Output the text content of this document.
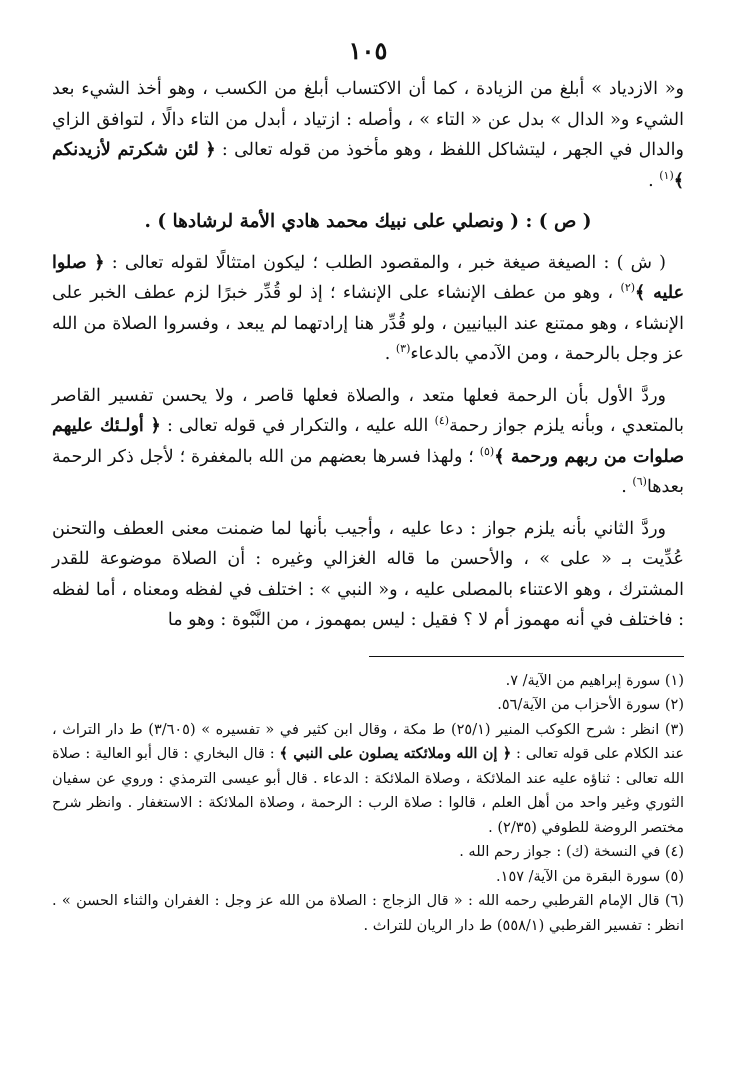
١٠٥

و« الازدياد » أبلغ من الزيادة ، كما أن الاكتساب أبلغ من الكسب ، وهو أخذ الشيء بعد الشيء و« الدال » بدل عن « التاء » ، وأصله : ازتياد ، أبدل من التاء دالًا ، لتوافق الزاي والدال في الجهر ، ليتشاكل اللفظ ، وهو مأخوذ من قوله تعالى : ﴿ لئن شكرتم لأزيدنكم ﴾$^{(١)}$ .

( ص ) : ( ونصلي على نبيك محمد هادي الأمة لرشادها ) .

( ش ) : الصيغة صيغة خبر ، والمقصود الطلب ؛ ليكون امتثالًا لقوله تعالى : ﴿ صلوا عليه ﴾$^{(٢)}$ ، وهو من عطف الإنشاء على الإنشاء ؛ إذ لو قُدِّر خبرًا لزم عطف الخبر على الإنشاء ، وهو ممتنع عند البيانيين ، ولو قُدِّر هنا إرادتهما لم يبعد ، وفسروا الصلاة من الله عز وجل بالرحمة ، ومن الآدمي بالدعاء$^{(٣)}$ .

وردَّ الأول بأن الرحمة فعلها متعد ، والصلاة فعلها قاصر ، ولا يحسن تفسير القاصر بالمتعدي ، وبأنه يلزم جواز رحمة$^{(٤)}$ الله عليه ، والتكرار في قوله تعالى : ﴿ أولـئك عليهم صلوات من ربهم ورحمة ﴾$^{(٥)}$ ؛ ولهذا فسرها بعضهم من الله بالمغفرة ؛ لأجل ذكر الرحمة بعدها$^{(٦)}$ .

وردَّ الثاني بأنه يلزم جواز : دعا عليه ، وأجيب بأنها لما ضمنت معنى العطف والتحنن عُدِّيت بـ « على » ، والأحسن ما قاله الغزالي وغيره : أن الصلاة موضوعة للقدر المشترك ، وهو الاعتناء بالمصلى عليه ، و« النبي » : اختلف في لفظه ومعناه ، أما لفظه : فاختلف في أنه مهموز أم لا ؟ فقيل : ليس بمهموز ، من النَّبْوة : وهو ما

(١) سورة إبراهيم من الآية/ ٧.

(٢) سورة الأحزاب من الآية/٥٦.

(٣) انظر : شرح الكوكب المنير (٢٥/١) ط مكة ، وقال ابن كثير في « تفسيره » (٣/٦٠٥) ط دار التراث ، عند الكلام على قوله تعالى : ﴿ إن الله وملائكته يصلون على النبي ﴾ : قال البخاري : قال أبو العالية : صلاة الله تعالى : ثناؤه عليه عند الملائكة ، وصلاة الملائكة : الدعاء . قال أبو عيسى الترمذي : وروي عن سفيان الثوري وغير واحد من أهل العلم ، قالوا : صلاة الرب : الرحمة ، وصلاة الملائكة : الاستغفار . وانظر شرح مختصر الروضة للطوفي (٢/٣٥) .

(٤) في النسخة (ك) : جواز رحم الله .

(٥) سورة البقرة من الآية/ ١٥٧.

(٦) قال الإمام القرطبي رحمه الله : « قال الزجاج : الصلاة من الله عز وجل : الغفران والثناء الحسن » . انظر : تفسير القرطبي (٥٥٨/١) ط دار الريان للتراث .
